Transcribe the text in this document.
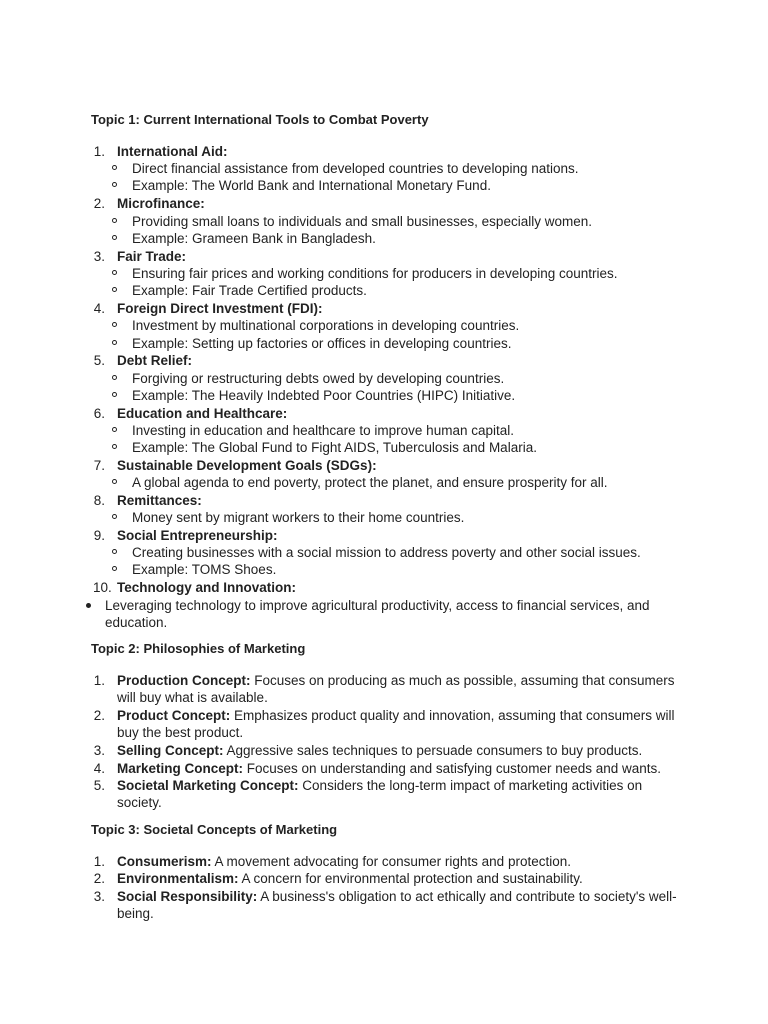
Topic 1: Current International Tools to Combat Poverty
1. International Aid:
Direct financial assistance from developed countries to developing nations.
Example: The World Bank and International Monetary Fund.
2. Microfinance:
Providing small loans to individuals and small businesses, especially women.
Example: Grameen Bank in Bangladesh.
3. Fair Trade:
Ensuring fair prices and working conditions for producers in developing countries.
Example: Fair Trade Certified products.
4. Foreign Direct Investment (FDI):
Investment by multinational corporations in developing countries.
Example: Setting up factories or offices in developing countries.
5. Debt Relief:
Forgiving or restructuring debts owed by developing countries.
Example: The Heavily Indebted Poor Countries (HIPC) Initiative.
6. Education and Healthcare:
Investing in education and healthcare to improve human capital.
Example: The Global Fund to Fight AIDS, Tuberculosis and Malaria.
7. Sustainable Development Goals (SDGs):
A global agenda to end poverty, protect the planet, and ensure prosperity for all.
8. Remittances:
Money sent by migrant workers to their home countries.
9. Social Entrepreneurship:
Creating businesses with a social mission to address poverty and other social issues.
Example: TOMS Shoes.
10. Technology and Innovation:
Leveraging technology to improve agricultural productivity, access to financial services, and education.
Topic 2: Philosophies of Marketing
1. Production Concept: Focuses on producing as much as possible, assuming that consumers will buy what is available.
2. Product Concept: Emphasizes product quality and innovation, assuming that consumers will buy the best product.
3. Selling Concept: Aggressive sales techniques to persuade consumers to buy products.
4. Marketing Concept: Focuses on understanding and satisfying customer needs and wants.
5. Societal Marketing Concept: Considers the long-term impact of marketing activities on society.
Topic 3: Societal Concepts of Marketing
1. Consumerism: A movement advocating for consumer rights and protection.
2. Environmentalism: A concern for environmental protection and sustainability.
3. Social Responsibility: A business's obligation to act ethically and contribute to society's well-being.
